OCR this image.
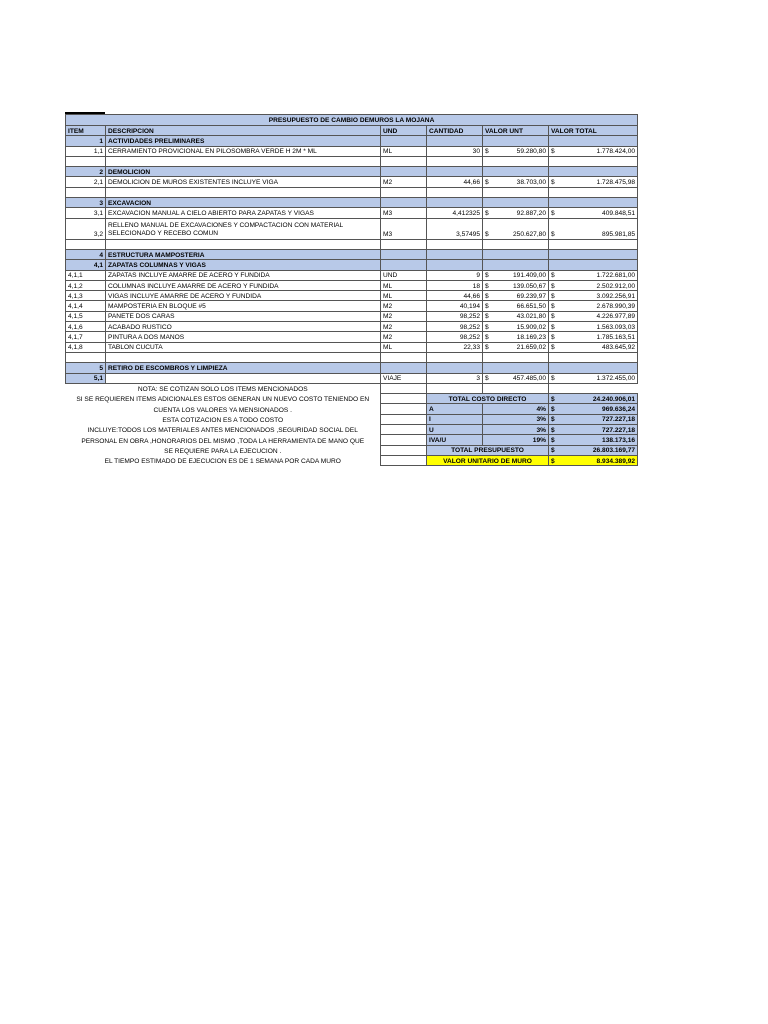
PRESUPUESTO DE CAMBIO DEMUROS LA MOJANA					
ITEM	DESCRIPCION	UND	CANTIDAD	VALOR UNT	VALOR TOTAL
1	ACTIVIDADES PRELIMINARES				
1,1	CERRAMIENTO PROVICIONAL EN PILOSOMBRA VERDE H 2M * ML	ML	30	$ 59.280,80	$ 1.778.424,00

2	DEMOLICION				
2,1	DEMOLICION DE MUROS EXISTENTES INCLUYE VIGA	M2	44,66	$ 38.703,00	$ 1.728.475,98

3	EXCAVACION				
3,1	EXCAVACION MANUAL A CIELO ABIERTO PARA ZAPATAS Y VIGAS	M3	4,412325	$ 92.887,20	$ 409.848,51

3,2	RELLENO MANUAL DE EXCAVACIONES Y COMPACTACION CON MATERIAL SELECIONADO Y RECEBO COMUN	M3	3,57495	$ 250.627,80	$ 895.981,85

4	ESTRUCTURA MAMPOSTERIA				
4,1	ZAPATAS COLUMNAS Y VIGAS				
4,1,1	ZAPATAS INCLUYE AMARRE DE ACERO Y FUNDIDA	UND	9	$ 191.409,00	$ 1.722.681,00

4,1,2	COLUMNAS INCLUYE AMARRE DE ACERO Y FUNDIDA	ML	18	$ 139.050,67	$ 2.502.912,00

4,1,3	VIGAS INCLUYE AMARRE DE ACERO Y FUNDIDA	ML	44,66	$ 69.239,97	$ 3.092.256,91

4,1,4	MAMPOSTERIA EN BLOQUE #5	M2	40,194	$ 66.651,50	$ 2.678.990,39

4,1,5	PANETE DOS CARAS	M2	98,252	$ 43.021,80	$ 4.226.977,89

4,1,6	ACABADO RUSTICO	M2	98,252	$ 15.909,02	$ 1.563.093,03

4,1,7	PINTURA A DOS MANOS	M2	98,252	$ 18.169,23	$ 1.785.163,51

4,1,8	TABLON CUCUTA	ML	22,33	$ 21.659,02	$ 483.645,92

5	RETIRO DE ESCOMBROS Y LIMPIEZA				
5,1		VIAJE	3	$ 457.485,00	$ 1.372.455,00

NOTA: SE COTIZAN SOLO LOS ITEMS MENCIONADOS					
SI SE REQUIEREN ITEMS ADICIONALES ESTOS GENERAN UN NUEVO COSTO TENIENDO EN			TOTAL COSTO DIRECTO		$ 24.240.906,01

CUENTA LOS VALORES YA MENSIONADOS .			A	4%	$ 969.636,24

ESTA COTIZACION ES A TODO COSTO			I	3%	$ 727.227,18

INCLUYE:TODOS LOS MATERIALES ANTES MENCIONADOS ,SEGURIDAD SOCIAL DEL			U	3%	$ 727.227,18

PERSONAL EN OBRA ,HONORARIOS DEL MISMO ,TODA LA HERRAMIENTA DE MANO QUE			IVA/U	19%	$ 138.173,16

SE REQUIERE PARA LA EJECUCION .			TOTAL PRESUPUESTO		$ 26.803.169,77

EL TIEMPO ESTIMADO DE EJECUCION ES DE 1 SEMANA POR CADA MURO			VALOR UNITARIO DE MURO		$ 8.934.389,92
